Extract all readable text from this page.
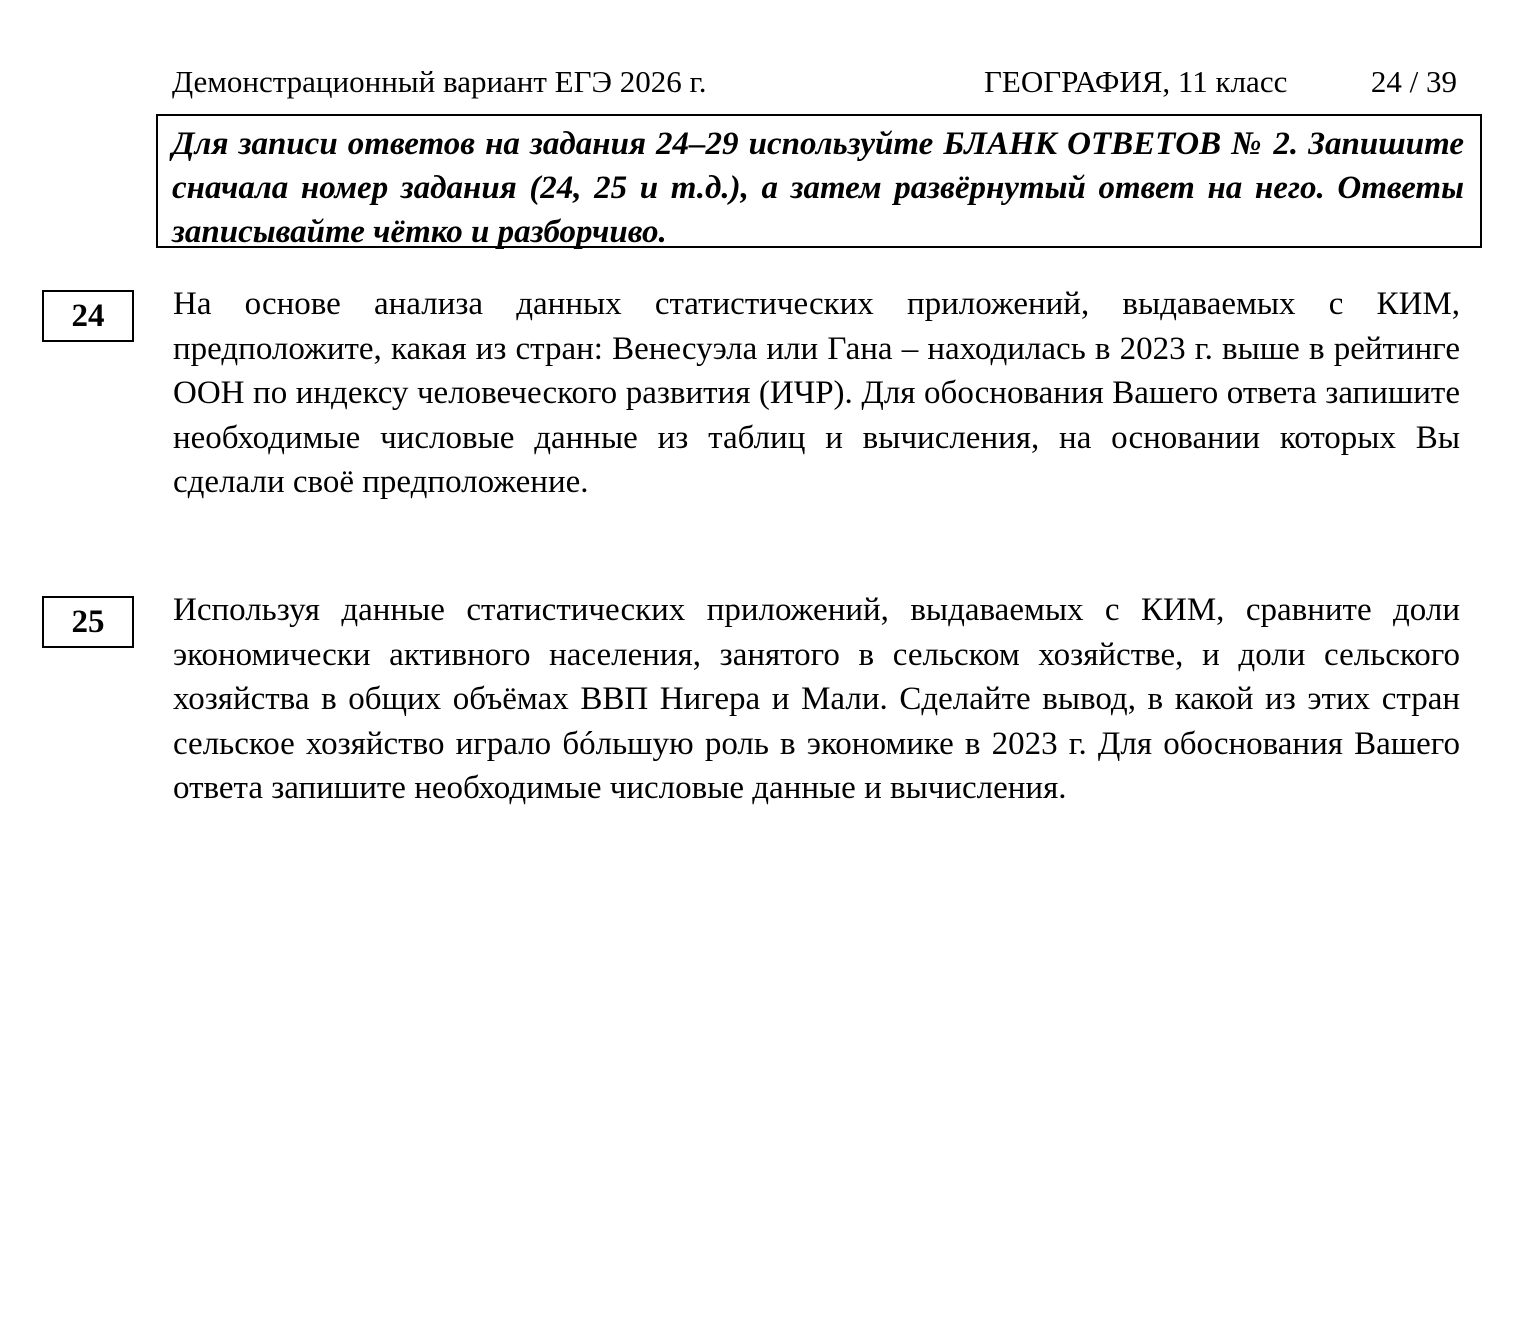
Демонстрационный вариант ЕГЭ 2026 г.	ГЕОГРАФИЯ, 11 класс	24 / 39
Для записи ответов на задания 24–29 используйте БЛАНК ОТВЕТОВ № 2. Запишите сначала номер задания (24, 25 и т.д.), а затем развёрнутый ответ на него. Ответы записывайте чётко и разборчиво.
24	На основе анализа данных статистических приложений, выдаваемых с КИМ, предположите, какая из стран: Венесуэла или Гана – находилась в 2023 г. выше в рейтинге ООН по индексу человеческого развития (ИЧР). Для обоснования Вашего ответа запишите необходимые числовые данные из таблиц и вычисления, на основании которых Вы сделали своё предположение.
25	Используя данные статистических приложений, выдаваемых с КИМ, сравните доли экономически активного населения, занятого в сельском хозяйстве, и доли сельского хозяйства в общих объёмах ВВП Нигера и Мали. Сделайте вывод, в какой из этих стран сельское хозяйство играло бóльшую роль в экономике в 2023 г. Для обоснования Вашего ответа запишите необходимые числовые данные и вычисления.
